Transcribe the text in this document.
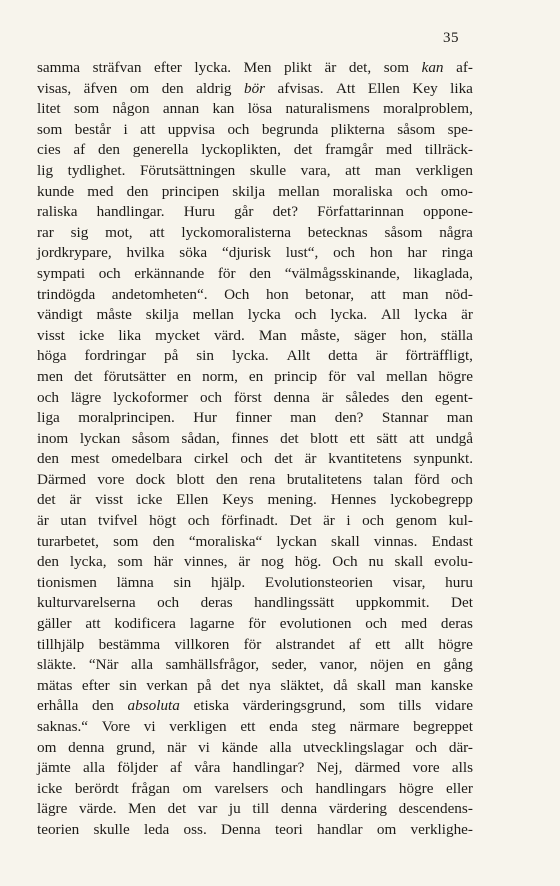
35
samma sträfvan efter lycka. Men plikt är det, som kan af-
visas, äfven om den aldrig bör afvisas. Att Ellen Key lika
litet som någon annan kan lösa naturalismens moralproblem,
som består i att uppvisa och begrunda plikterna såsom spe-
cies af den generella lyckoplikten, det framgår med tillräck-
lig tydlighet. Förutsättningen skulle vara, att man verkligen
kunde med den principen skilja mellan moraliska och omo-
raliska handlingar. Huru går det? Författarinnan oppone-
rar sig mot, att lyckomoralisterna betecknas såsom några
jordkrypare, hvilka söka “djurisk lust“, och hon har ringa
sympati och erkännande för den “välmågsskinande, likaglada,
trindögda andetomheten“. Och hon betonar, att man nöd-
vändigt måste skilja mellan lycka och lycka. All lycka är
visst icke lika mycket värd. Man måste, säger hon, ställa
höga fordringar på sin lycka. Allt detta är förträffligt,
men det förutsätter en norm, en princip för val mellan högre
och lägre lyckoformer och först denna är således den egent-
liga moralprincipen. Hur finner man den? Stannar man
inom lyckan såsom sådan, finnes det blott ett sätt att undgå
den mest omedelbara cirkel och det är kvantitetens synpunkt.
Därmed vore dock blott den rena brutalitetens talan förd och
det är visst icke Ellen Keys mening. Hennes lyckobegrepp
är utan tvifvel högt och förfinadt. Det är i och genom kul-
turarbetet, som den “moraliska“ lyckan skall vinnas. Endast
den lycka, som här vinnes, är nog hög. Och nu skall evolu-
tionismen lämna sin hjälp. Evolutionsteorien visar, huru
kulturvarelserna och deras handlingssätt uppkommit. Det
gäller att kodificera lagarne för evolutionen och med deras
tillhjälp bestämma villkoren för alstrandet af ett allt högre
släkte. “När alla samhällsfrågor, seder, vanor, nöjen en gång
mätas efter sin verkan på det nya släktet, då skall man kanske
erhålla den absoluta etiska värderingsgrund, som tills vidare
saknas.“ Vore vi verkligen ett enda steg närmare begreppet
om denna grund, när vi kände alla utvecklingslagar och där-
jämte alla följder af våra handlingar? Nej, därmed vore alls
icke berördt frågan om varelsers och handlingars högre eller
lägre värde. Men det var ju till denna värdering descendens-
teorien skulle leda oss. Denna teori handlar om verklighe-
